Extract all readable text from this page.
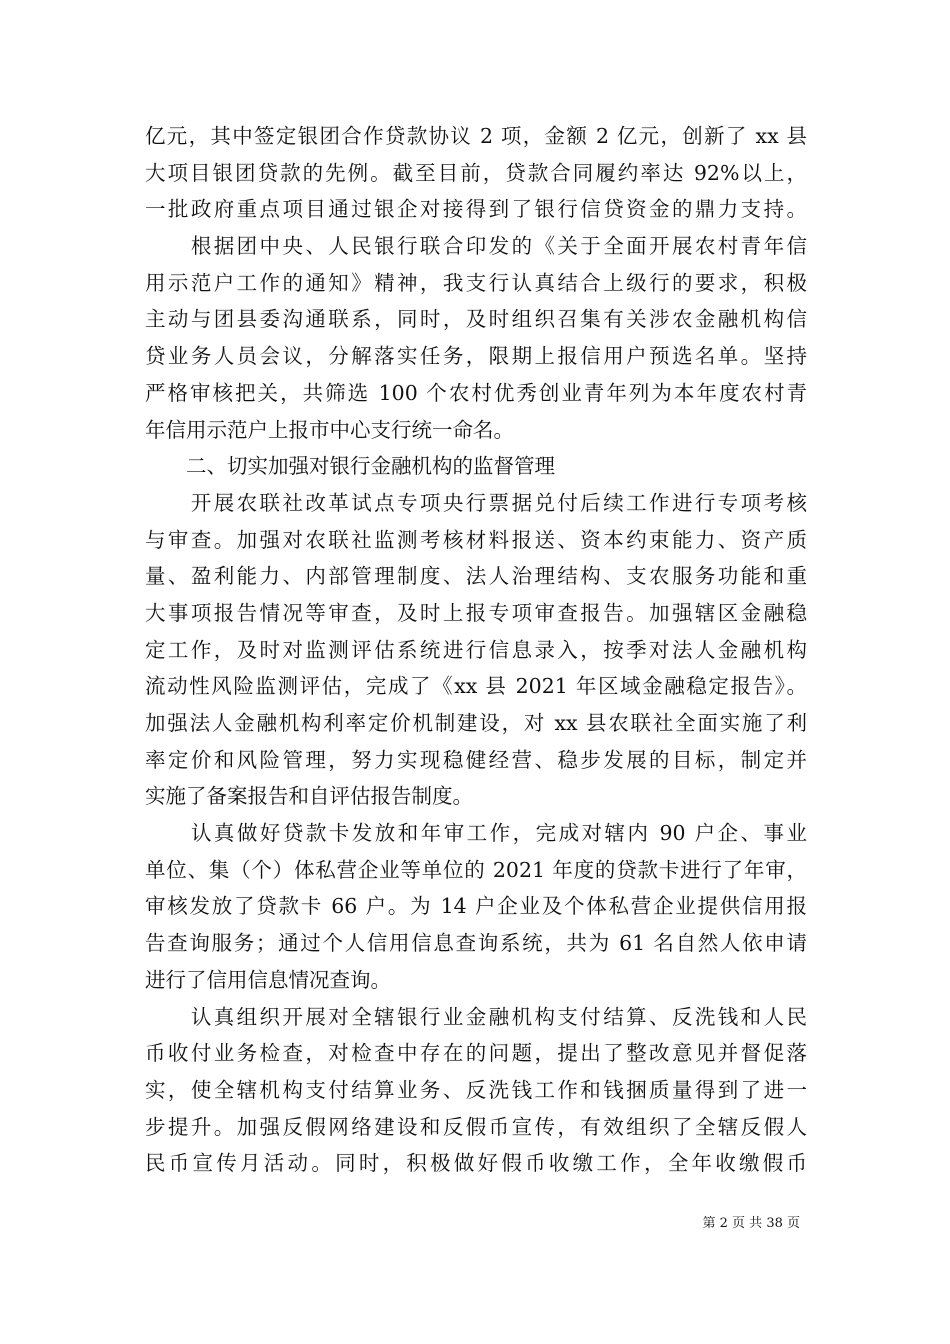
亿元，其中签定银团合作贷款协议 2 项，金额 2 亿元，创新了 xx 县
大项目银团贷款的先例。截至目前，贷款合同履约率达 92%以上，
一批政府重点项目通过银企对接得到了银行信贷资金的鼎力支持。
　　根据团中央、人民银行联合印发的《关于全面开展农村青年信
用示范户工作的通知》精神，我支行认真结合上级行的要求，积极
主动与团县委沟通联系，同时，及时组织召集有关涉农金融机构信
贷业务人员会议，分解落实任务，限期上报信用户预选名单。坚持
严格审核把关，共筛选 100 个农村优秀创业青年列为本年度农村青
年信用示范户上报市中心支行统一命名。
　　二、切实加强对银行金融机构的监督管理
　　开展农联社改革试点专项央行票据兑付后续工作进行专项考核
与审查。加强对农联社监测考核材料报送、资本约束能力、资产质
量、盈利能力、内部管理制度、法人治理结构、支农服务功能和重
大事项报告情况等审查，及时上报专项审查报告。加强辖区金融稳
定工作，及时对监测评估系统进行信息录入，按季对法人金融机构
流动性风险监测评估，完成了《xx 县 2021 年区域金融稳定报告》。
加强法人金融机构利率定价机制建设，对 xx 县农联社全面实施了利
率定价和风险管理，努力实现稳健经营、稳步发展的目标，制定并
实施了备案报告和自评估报告制度。
　　认真做好贷款卡发放和年审工作，完成对辖内 90 户企、事业
单位、集（个）体私营企业等单位的 2021 年度的贷款卡进行了年审，
审核发放了贷款卡 66 户。为 14 户企业及个体私营企业提供信用报
告查询服务；通过个人信用信息查询系统，共为 61 名自然人依申请
进行了信用信息情况查询。
　　认真组织开展对全辖银行业金融机构支付结算、反洗钱和人民
币收付业务检查，对检查中存在的问题，提出了整改意见并督促落
实，使全辖机构支付结算业务、反洗钱工作和钱捆质量得到了进一
步提升。加强反假网络建设和反假币宣传，有效组织了全辖反假人
民币宣传月活动。同时，积极做好假币收缴工作，全年收缴假币
第 2 页 共 38 页
